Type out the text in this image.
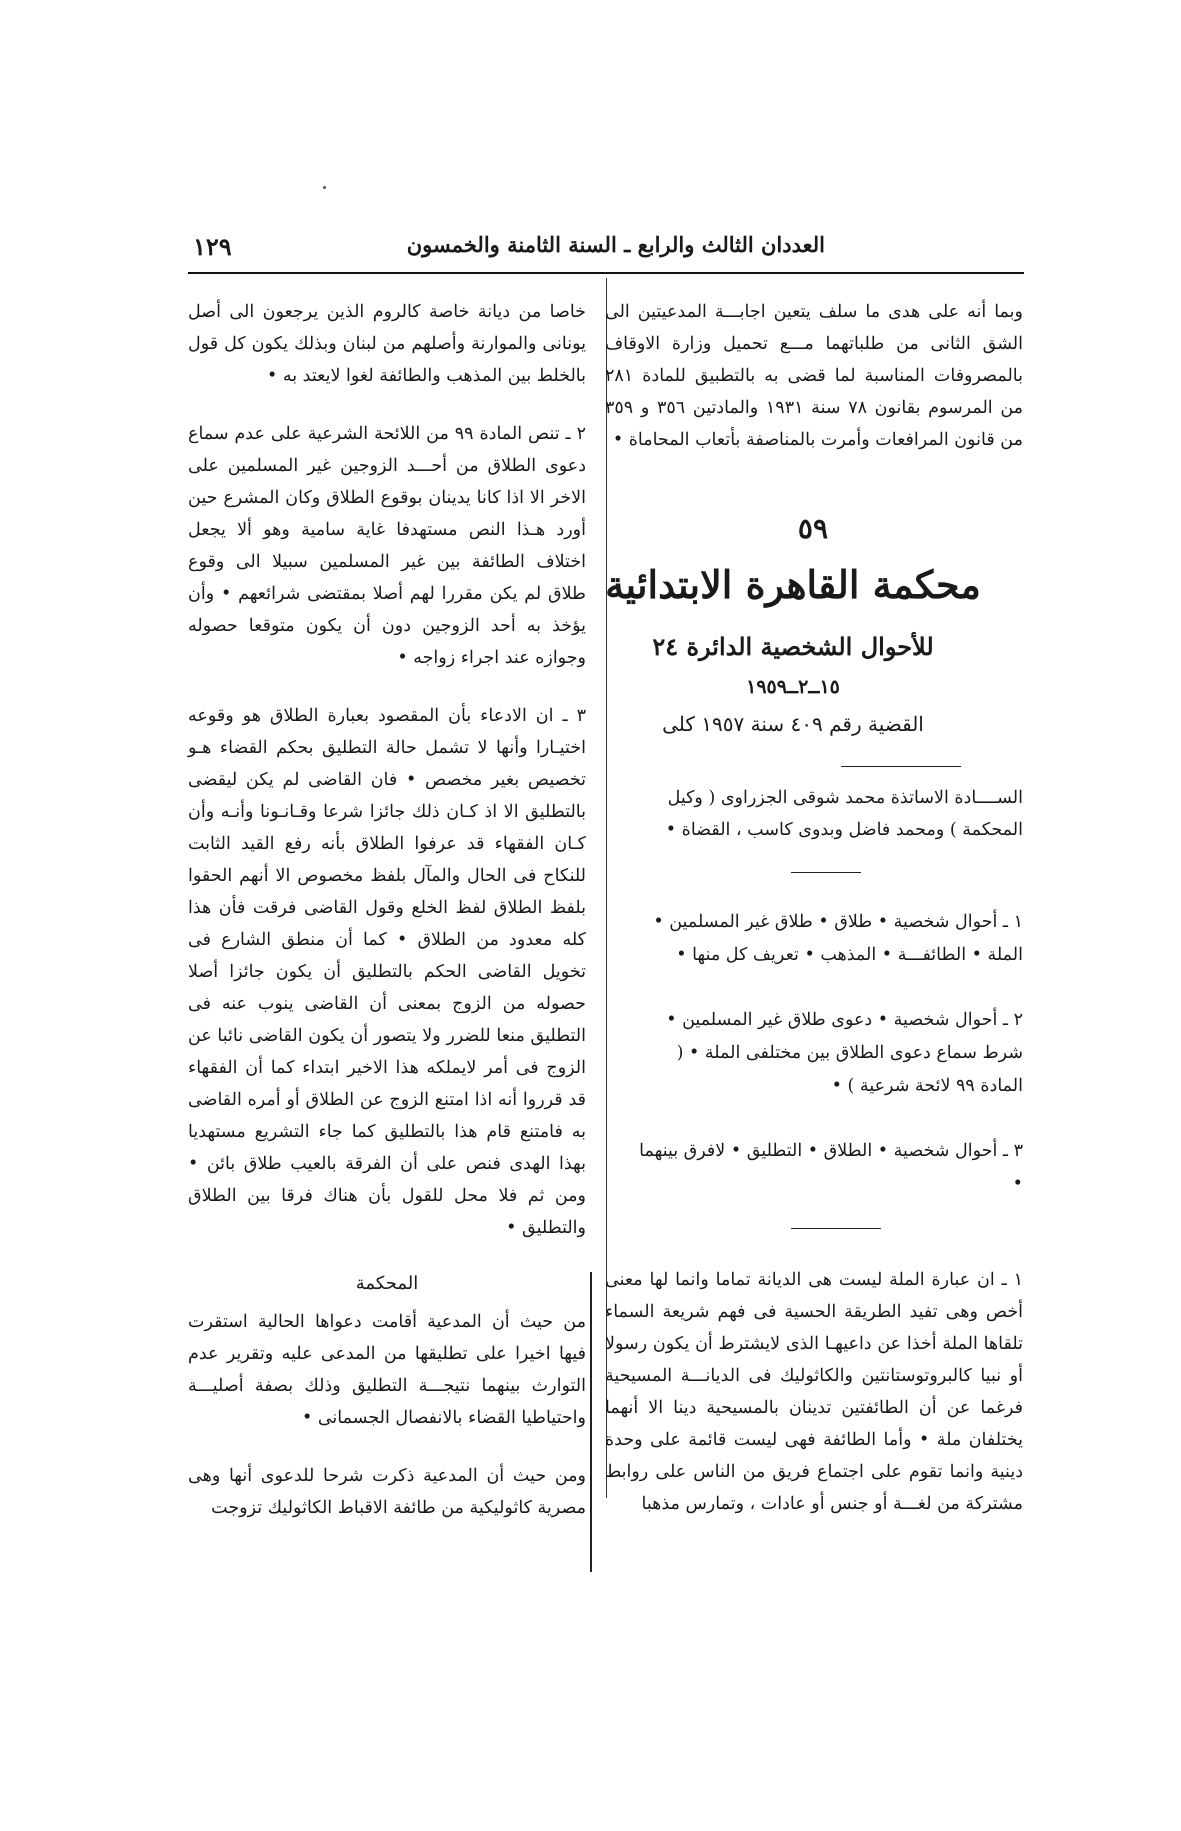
العددان الثالث والرابع ـ السنة الثامنة والخمسون
١٢٩

وبما أنه على هدى ما سلف يتعين اجابـــة المدعيتين الى الشق الثانى من طلباتهما مـــع تحميل وزارة الاوقاف بالمصروفات المناسبة لما قضى به بالتطبيق للمادة ٢٨١ من المرسوم بقانون ٧٨ سنة ١٩٣١ والمادتين ٣٥٦ و ٣٥٩ من قانون المرافعات وأمرت بالمناصفة بأتعاب المحاماة •

٥٩
محكمة القاهرة الابتدائية
للأحوال الشخصية الدائرة ٢٤
١٥ــ٢ــ١٩٥٩
القضية رقم ٤٠٩ سنة ١٩٥٧ كلى
الســــادة الاساتذة محمد شوقى الجزراوى ( وكيل المحكمة ) ومحمد فاضل وبدوى كاسب ، القضاة •
١ ـ أحوال شخصية • طلاق • طلاق غير المسلمين • الملة • الطائفـــة • المذهب • تعريف كل منها •
٢ ـ أحوال شخصية • دعوى طلاق غير المسلمين • شرط سماع دعوى الطلاق بين مختلفى الملة • ( المادة ٩٩ لائحة شرعية ) •
٣ ـ أحوال شخصية • الطلاق • التطليق • لافرق بينهما •
١ ـ ان عبارة الملة ليست هى الديانة تماما وانما لها معنى أخص وهى تفيد الطريقة الحسية فى فهم شريعة السماء تلقاها الملة أخذا عن داعيهـا الذى لايشترط أن يكون رسولا أو نبيا كالبروتوستانتين والكاثوليك فى الديانـــة المسيحية فرغما عن أن الطائفتين تدينان بالمسيحية دينا الا أنهما يختلفان ملة • وأما الطائفة فهى ليست قائمة على وحدة دينية وانما تقوم على اجتماع فريق من الناس على روابط مشتركة من لغـــة أو جنس أو عادات ، وتمارس مذهبا

خاصا من ديانة خاصة كالروم الذين يرجعون الى أصل يونانى والموارنة وأصلهم من لبنان وبذلك يكون كل قول بالخلط بين المذهب والطائفة لغوا لايعتد به •

٢ ـ تنص المادة ٩٩ من اللائحة الشرعية على عدم سماع دعوى الطلاق من أحـــد الزوجين غير المسلمين على الاخر الا اذا كانا يدينان بوقوع الطلاق وكان المشرع حين أورد هـذا النص مستهدفا غاية سامية وهو ألا يجعل اختلاف الطائفة بين غير المسلمين سبيلا الى وقوع طلاق لم يكن مقررا لهم أصلا بمقتضى شرائعهم • وأن يؤخذ به أحد الزوجين دون أن يكون متوقعا حصوله وجوازه عند اجراء زواجه •

٣ ـ ان الادعاء بأن المقصود بعبارة الطلاق هو وقوعه اختيـارا وأنها لا تشمل حالة التطليق بحكم القضاء هـو تخصيص بغير مخصص • فان القاضى لم يكن ليقضى بالتطليق الا اذ كـان ذلك جائزا شرعا وقـانـونا وأنـه وأن كـان الفقهاء قد عرفوا الطلاق بأنه رفع القيد الثابت للنكاح فى الحال والمآل بلفظ مخصوص الا أنهم الحقوا بلفظ الطلاق لفظ الخلع وقول القاضى فرقت فأن هذا كله معدود من الطلاق • كما أن منطق الشارع فى تخويل القاضى الحكم بالتطليق أن يكون جائزا أصلا حصوله من الزوج بمعنى أن القاضى ينوب عنه فى التطليق منعا للضرر ولا يتصور أن يكون القاضى نائبا عن الزوج فى أمر لايملكه هذا الاخير ابتداء كما أن الفقهاء قد قرروا أنه اذا امتنع الزوج عن الطلاق أو أمره القاضى به فامتنع قام هذا بالتطليق كما جاء التشريع مستهديا بهذا الهدى فنص على أن الفرقة بالعيب طلاق بائن • ومن ثم فلا محل للقول بأن هناك فرقا بين الطلاق والتطليق •

المحكمة

من حيث أن المدعية أقامت دعواها الحالية استقرت فيها اخيرا على تطليقها من المدعى عليه وتقرير عدم التوارث بينهما نتيجـــة التطليق وذلك بصفة أصليـــة واحتياطيا القضاء بالانفصال الجسمانى •

ومن حيث أن المدعية ذكرت شرحا للدعوى أنها وهى مصرية كاثوليكية من طائفة الاقباط الكاثوليك تزوجت
